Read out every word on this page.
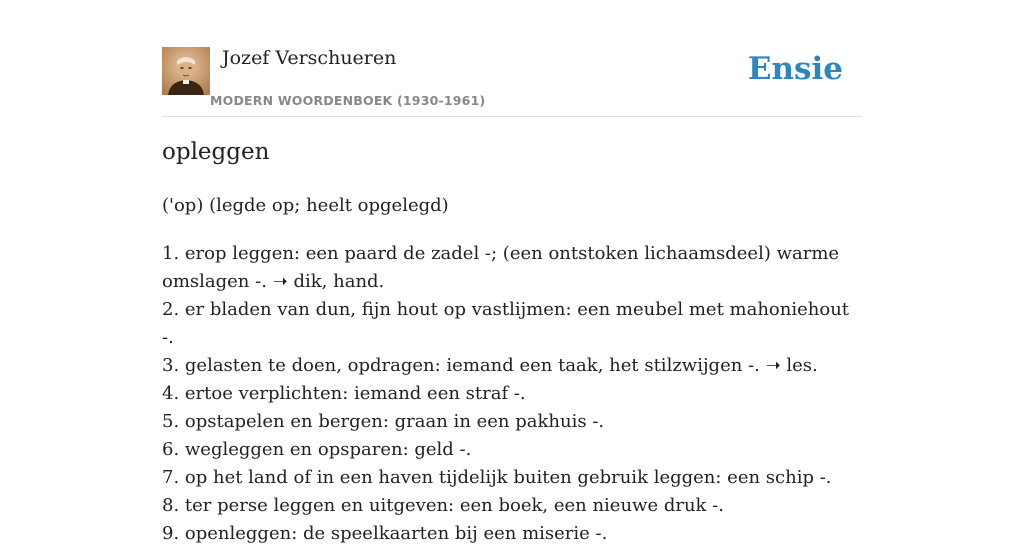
Jozef Verschueren
MODERN WOORDENBOEK (1930-1961)
Ensie
opleggen
('op) (legde op; heelt opgelegd)
1. erop leggen: een paard de zadel -; (een ontstoken lichaamsdeel) warme omslagen -. ➝ dik, hand.
2. er bladen van dun, fijn hout op vastlijmen: een meubel met mahoniehout -.
3. gelasten te doen, opdragen: iemand een taak, het stilzwijgen -. ➝ les.
4. ertoe verplichten: iemand een straf -.
5. opstapelen en bergen: graan in een pakhuis -.
6. wegleggen en opsparen: geld -.
7. op het land of in een haven tijdelijk buiten gebruik leggen: een schip -.
8. ter perse leggen en uitgeven: een boek, een nieuwe druk -.
9. openleggen: de speelkaarten bij een miserie -.
